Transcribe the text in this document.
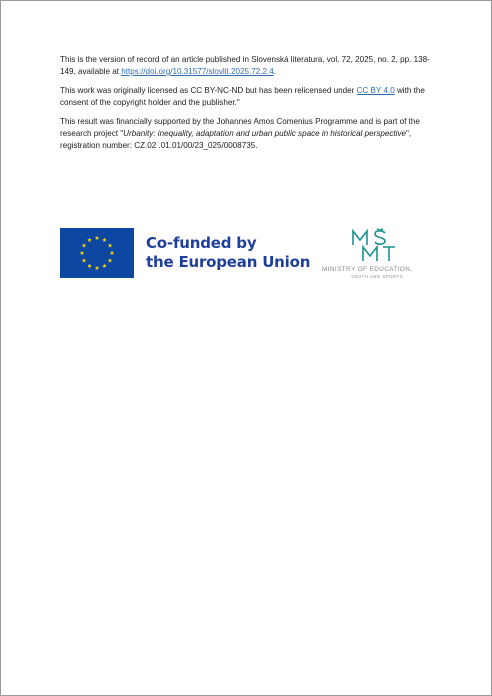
This is the version of record of an article published in Slovenská literatura, vol. 72, 2025, no. 2, pp. 138-149, available at https://doi.org/10.31577/slovlit.2025.72.2.4.

This work was originally licensed as CC BY-NC-ND but has been relicensed under CC BY 4.0 with the consent of the copyright holder and the publisher."

This result was financially supported by the Johannes Amos Comenius Programme and is part of the research project "Urbanity: inequality, adaptation and urban public space in historical perspective", registration number: CZ.02 .01.01/00/23_025/0008735.

Co-funded by
the European Union MINISTRY OF EDUCATION,
YOUTH AND SPORTS
